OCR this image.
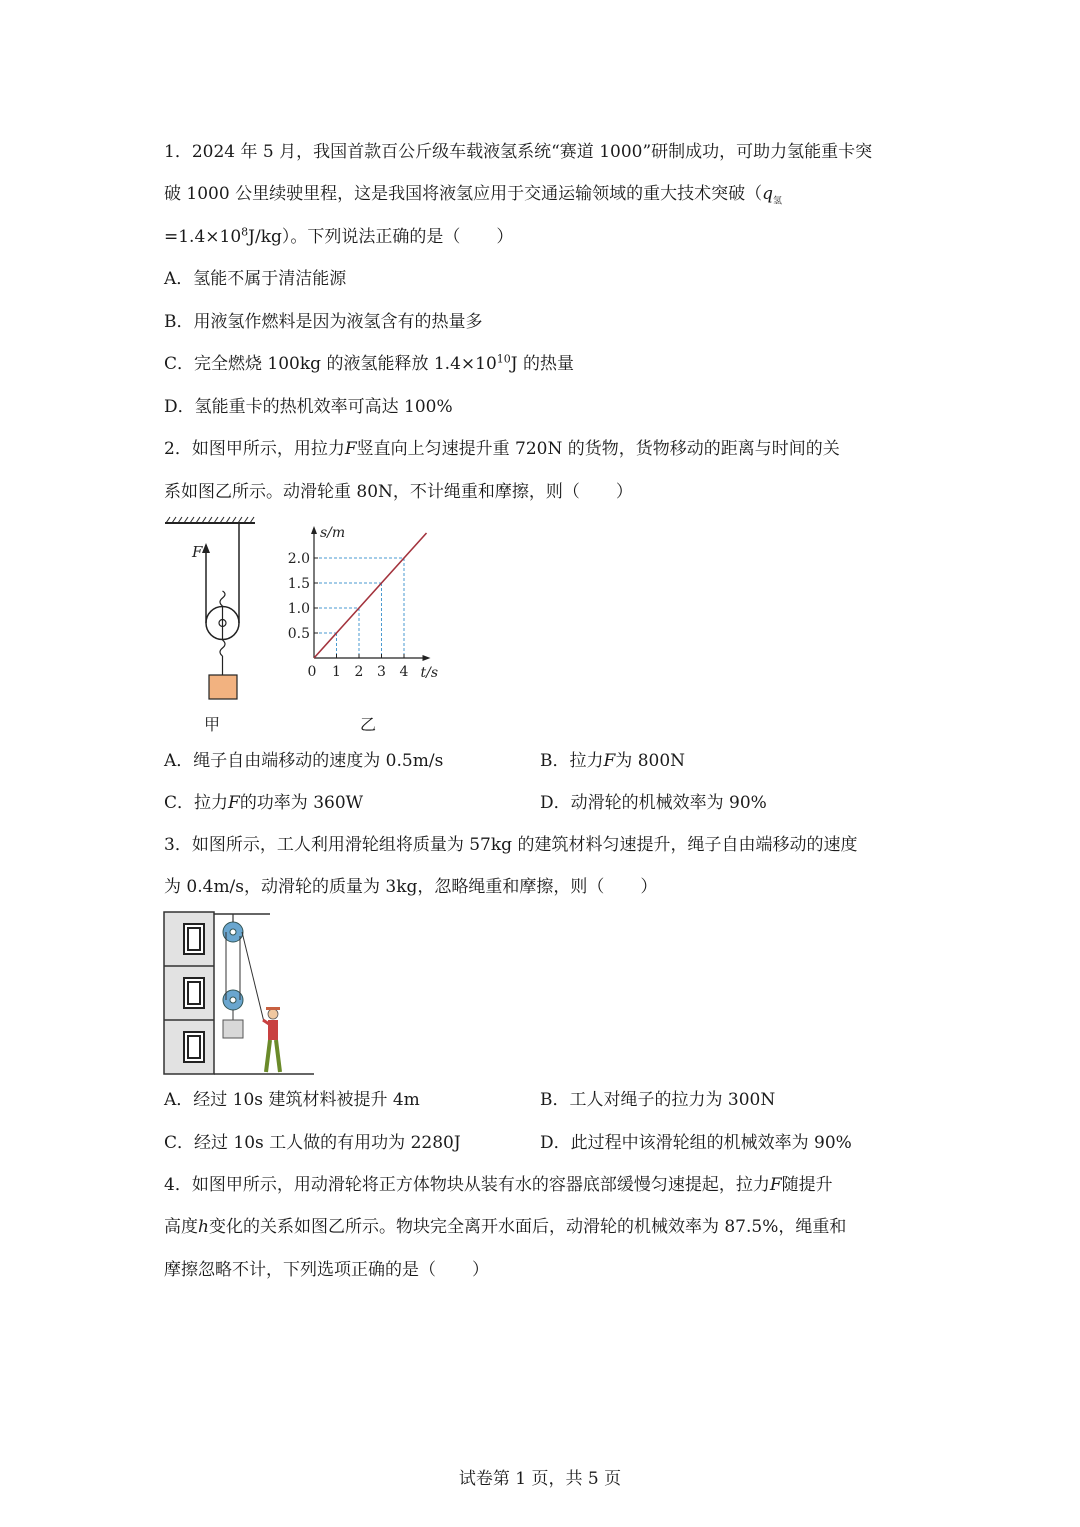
1．2024 年 5 月，我国首款百公斤级车载液氢系统“赛道 1000”研制成功，可助力氢能重卡突
破 1000 公里续驶里程，这是我国将液氢应用于交通运输领域的重大技术突破（$q_氢$
$=1.4\times 10^8J/kg$）。下列说法正确的是（ ）
A．氢能不属于清洁能源
B．用液氢作燃料是因为液氢含有的热量多
C．完全燃烧 100kg 的液氢能释放 $1.4\times 10^{10}J$ 的热量
D．氢能重卡的热机效率可高达 100%
2．如图甲所示，用拉力F竖直向上匀速提升重 720N 的货物，货物移动的距离与时间的关
系如图乙所示。动滑轮重 80N，不计绳重和摩擦，则（ ）
F
甲
s/m
t/s
0.5
1.0
1.5
2.0
0 1 2 3 4
乙
A．绳子自由端移动的速度为 0.5m/s	B．拉力F为 800N
C．拉力F的功率为 360W	D．动滑轮的机械效率为 90%
3．如图所示，工人利用滑轮组将质量为 57kg 的建筑材料匀速提升，绳子自由端移动的速度
为 0.4m/s，动滑轮的质量为 3kg，忽略绳重和摩擦，则（ ）
A．经过 10s 建筑材料被提升 4m	B．工人对绳子的拉力为 300N
C．经过 10s 工人做的有用功为 2280J	D．此过程中该滑轮组的机械效率为 90%
4．如图甲所示，用动滑轮将正方体物块从装有水的容器底部缓慢匀速提起，拉力F随提升
高度h变化的关系如图乙所示。物块完全离开水面后，动滑轮的机械效率为 87.5%，绳重和
摩擦忽略不计，下列选项正确的是（ ）
试卷第 1 页，共 5 页
